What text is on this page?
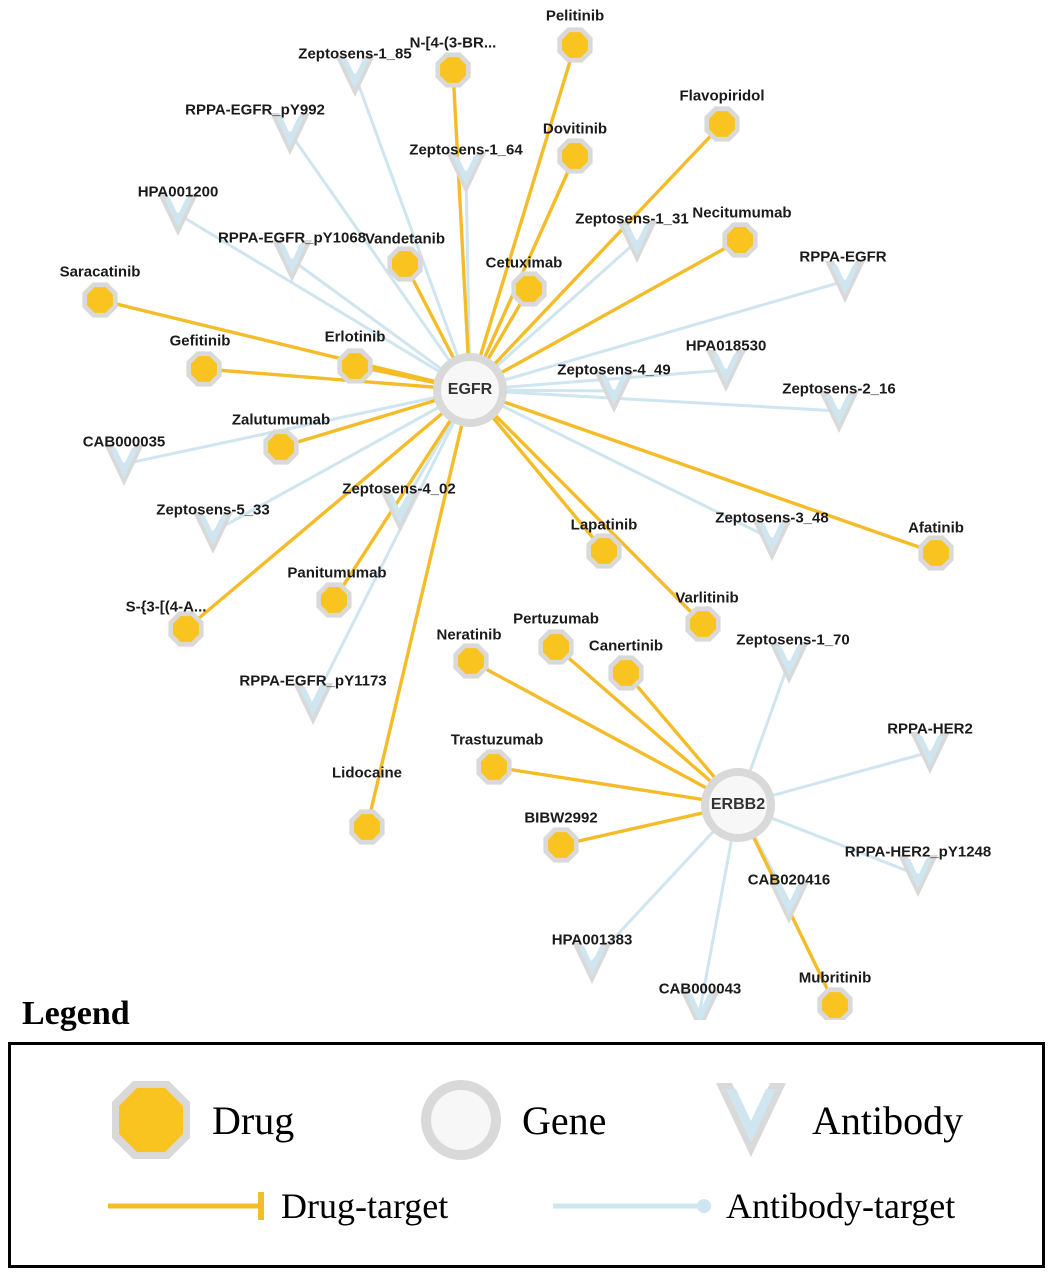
Pelitinib
N-[4-(3-BR...
Flavopiridol
Dovitinib
Necitumumab
Vandetanib
Cetuximab
Saracatinib
Gefitinib	Erlotinib
Zalutumumab
Afatinib
Lapatinib
Varlitinib
Panitumumab
S-{3-[(4-A...
Pertuzumab
Neratinib
Canertinib
Trastuzumab
Lidocaine
BIBW2992
Mubritinib
Zeptosens-1_85
RPPA-EGFR_pY992
Zeptosens-1_64
HPA001200
Zeptosens-1_31
RPPA-EGFR_pY1068
RPPA-EGFR
HPA018530
Zeptosens-4_49
Zeptosens-2_16
CAB000035
Zeptosens-4_02
Zeptosens-5_33	Zeptosens-3_48
Zeptosens-1_70
RPPA-EGFR_pY1173
RPPA-HER2
RPPA-HER2_pY1248
CAB020416
HPA001383
CAB000043
EGFR
ERBB2
Legend
Drug	Gene	Antibody
Drug-target	Antibody-target
